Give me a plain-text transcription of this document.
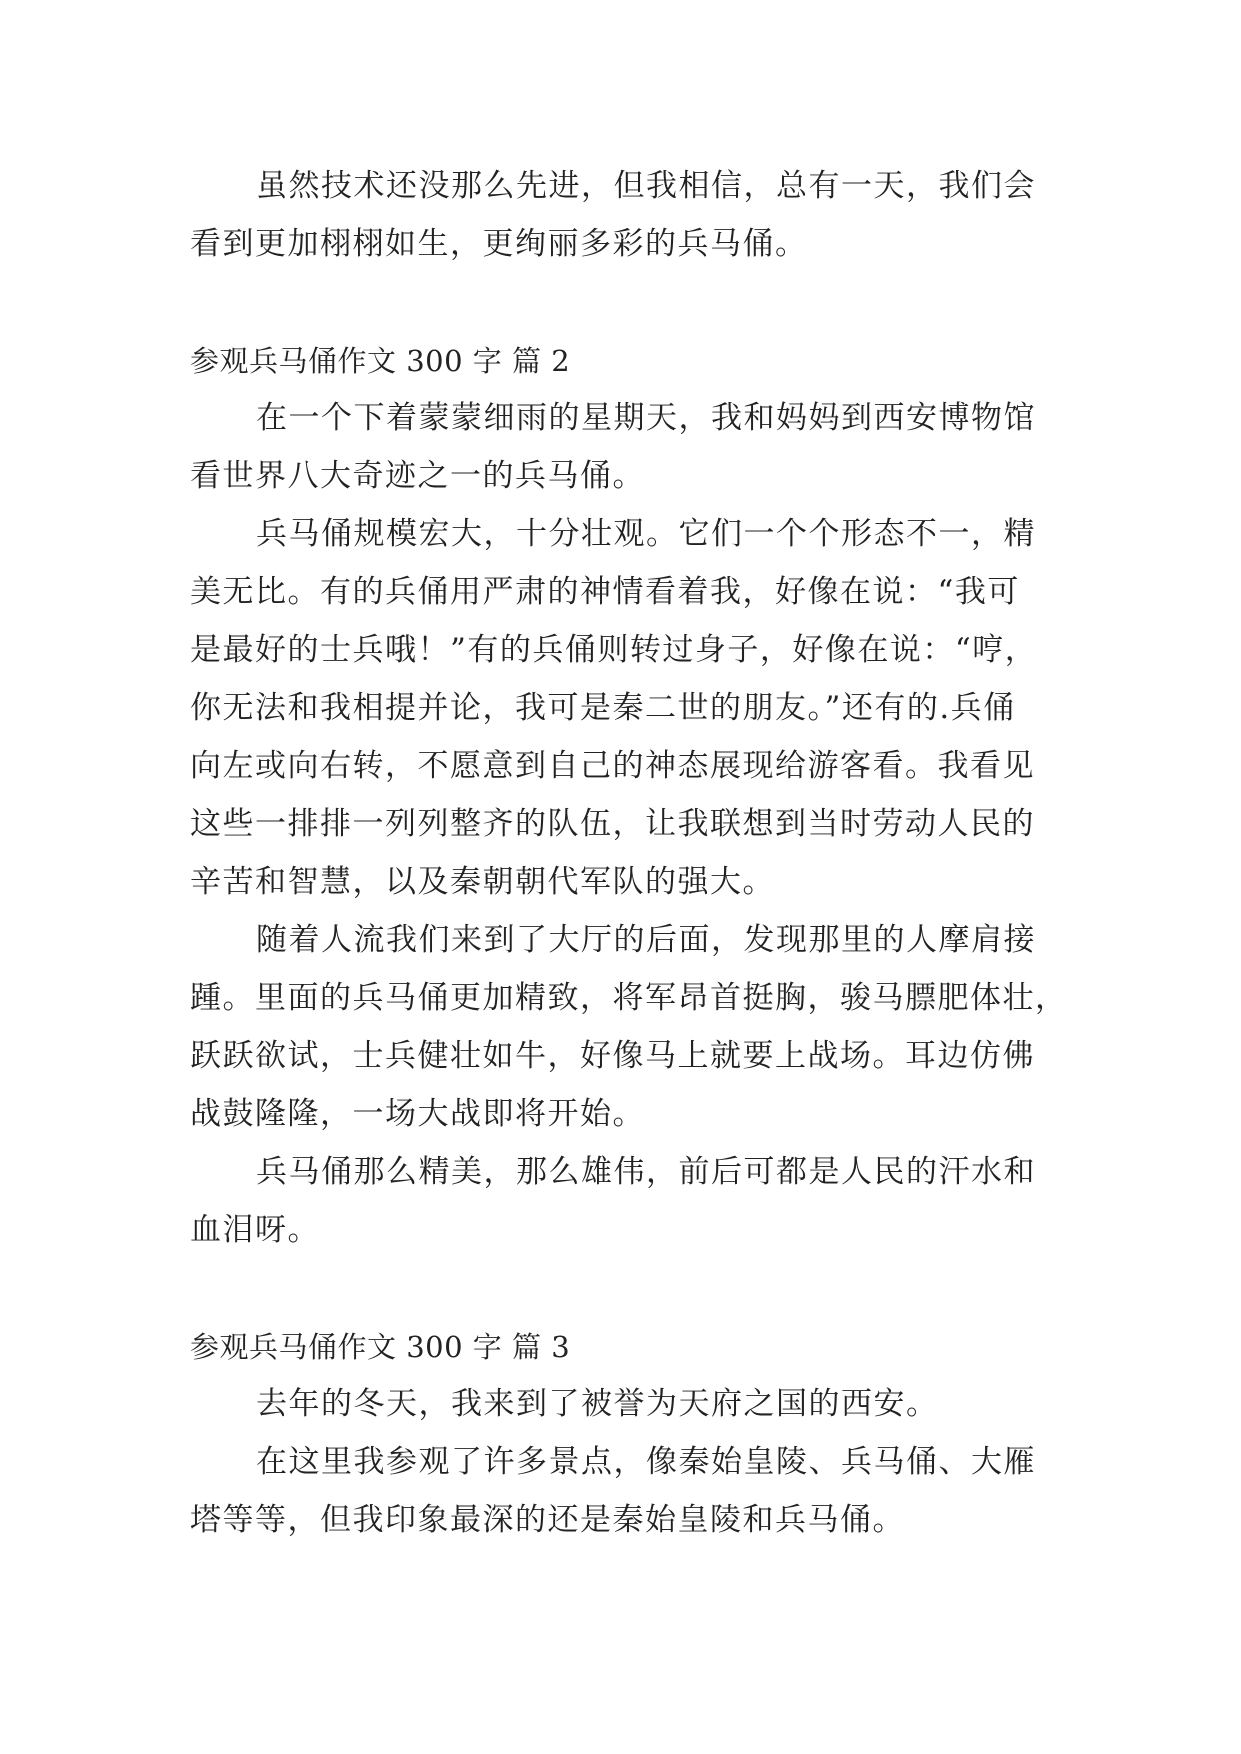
虽然技术还没那么先进，但我相信，总有一天，我们会
看到更加栩栩如生，更绚丽多彩的兵马俑。
参观兵马俑作文 300 字 篇 2
在一个下着蒙蒙细雨的星期天，我和妈妈到西安博物馆
看世界八大奇迹之一的兵马俑。
兵马俑规模宏大，十分壮观。它们一个个形态不一，精
美无比。有的兵俑用严肃的神情看着我，好像在说：“我可
是最好的士兵哦！”有的兵俑则转过身子，好像在说：“哼，
你无法和我相提并论，我可是秦二世的朋友。”还有的.兵俑
向左或向右转，不愿意到自己的神态展现给游客看。我看见
这些一排排一列列整齐的队伍，让我联想到当时劳动人民的
辛苦和智慧，以及秦朝朝代军队的强大。
随着人流我们来到了大厅的后面，发现那里的人摩肩接
踵。里面的兵马俑更加精致，将军昂首挺胸，骏马膘肥体壮，
跃跃欲试，士兵健壮如牛，好像马上就要上战场。耳边仿佛
战鼓隆隆，一场大战即将开始。
兵马俑那么精美，那么雄伟，前后可都是人民的汗水和
血泪呀。
参观兵马俑作文 300 字 篇 3
去年的冬天，我来到了被誉为天府之国的西安。
在这里我参观了许多景点，像秦始皇陵、兵马俑、大雁
塔等等，但我印象最深的还是秦始皇陵和兵马俑。
